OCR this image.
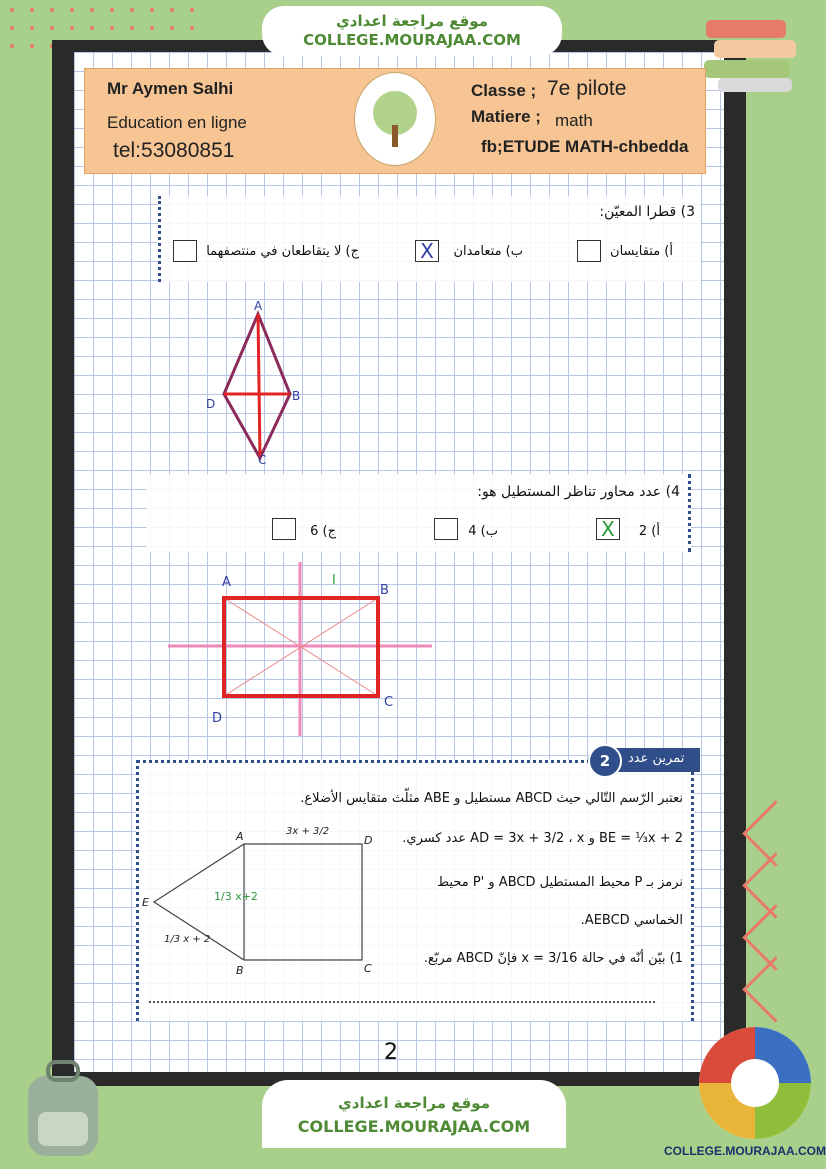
موقع مراجعة اعدادي
COLLEGE.MOURAJAA.COM
Mr Aymen Salhi
Education en ligne
tel:53080851
Classe ; 7e pilote
Matiere ; math
fb;ETUDE MATH-chbedda
3) قطرا المعيّن:
أ) متقايسان
ب) متعامدان
X
ج) لا يتقاطعان في منتصفهما
A
B
C
D
4) عدد محاور تناظر المستطيل هو:
أ) 2
X
ب) 4
ج) 6
A
B
C
D
I
نعتبر الرّسم التّالي حيث ABCD مستطيل و ABE مثلّث متقايس الأضلاع.
BE = ⅓x + 2 و AD = 3x + 3/2 ، x عدد كسري.
نرمز بـ P محيط المستطيل ABCD و 'P محيط
الخماسي AEBCD.
1) بيّن أنّه في حالة x = 3/16 فإنّ ABCD مربّع.
تمرين عدد
2
A
B	C
D
E
3x + 3/2
1/3 x + 2
1/3 x+2
2
موقع مراجعة اعدادي
COLLEGE.MOURAJAA.COM
COLLEGE.MOURAJAA.COM
